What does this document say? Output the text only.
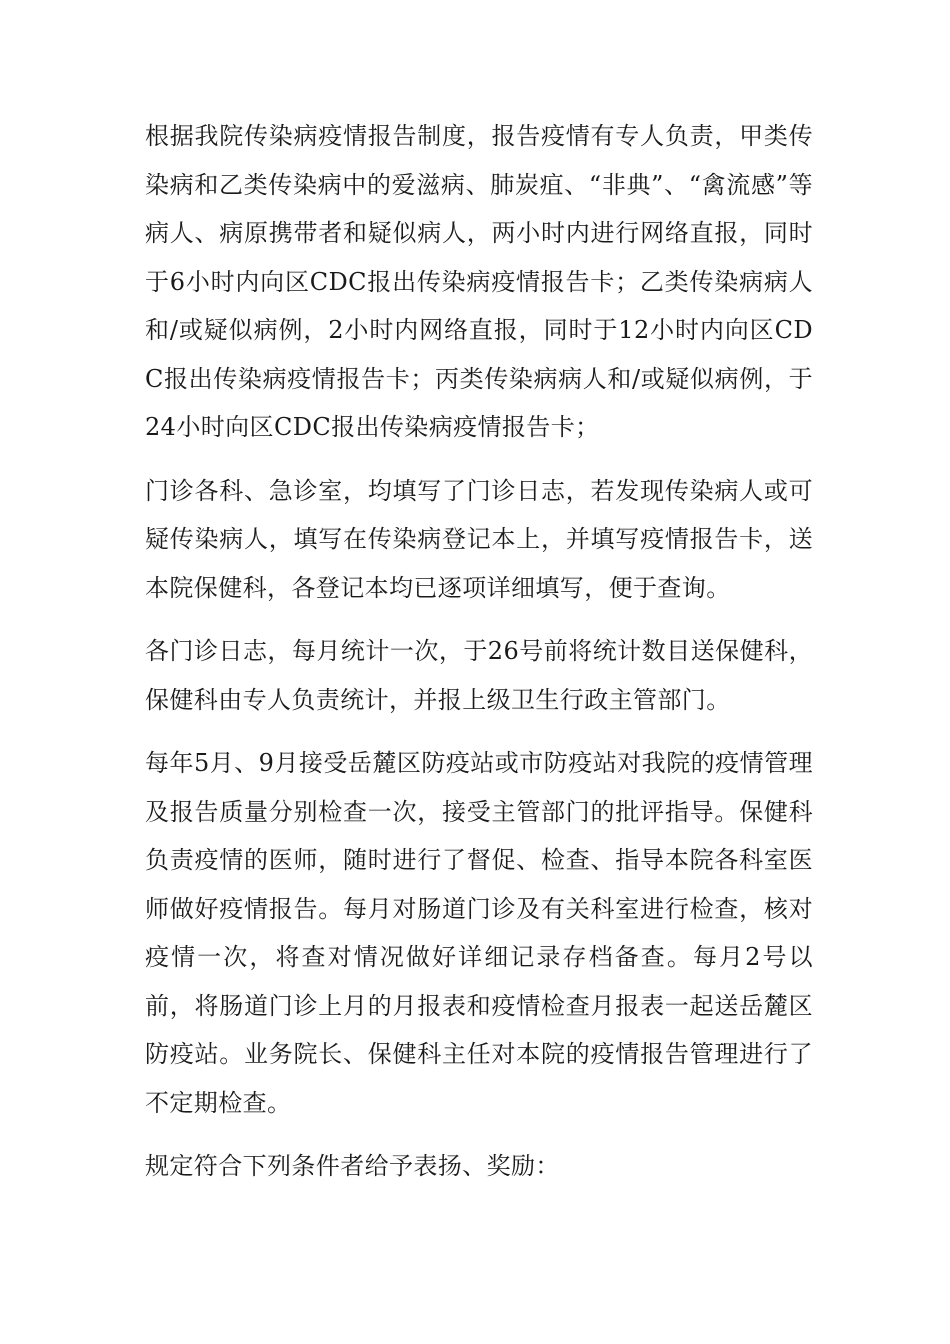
根据我院传染病疫情报告制度，报告疫情有专人负责，甲类传染病和乙类传染病中的爱滋病、肺炭疽、“非典”、“禽流感”等病人、病原携带者和疑似病人，两小时内进行网络直报，同时于6小时内向区CDC报出传染病疫情报告卡；乙类传染病病人和/或疑似病例，2小时内网络直报，同时于12小时内向区CDC报出传染病疫情报告卡；丙类传染病病人和/或疑似病例，于24小时向区CDC报出传染病疫情报告卡；

门诊各科、急诊室，均填写了门诊日志，若发现传染病人或可疑传染病人，填写在传染病登记本上，并填写疫情报告卡，送本院保健科，各登记本均已逐项详细填写，便于查询。

各门诊日志，每月统计一次，于26号前将统计数目送保健科，保健科由专人负责统计，并报上级卫生行政主管部门。

每年5月、9月接受岳麓区防疫站或市防疫站对我院的疫情管理及报告质量分别检查一次，接受主管部门的批评指导。保健科负责疫情的医师，随时进行了督促、检查、指导本院各科室医师做好疫情报告。每月对肠道门诊及有关科室进行检查，核对疫情一次，将查对情况做好详细记录存档备查。每月2号以前，将肠道门诊上月的月报表和疫情检查月报表一起送岳麓区防疫站。业务院长、保健科主任对本院的疫情报告管理进行了不定期检查。

规定符合下列条件者给予表扬、奖励：
